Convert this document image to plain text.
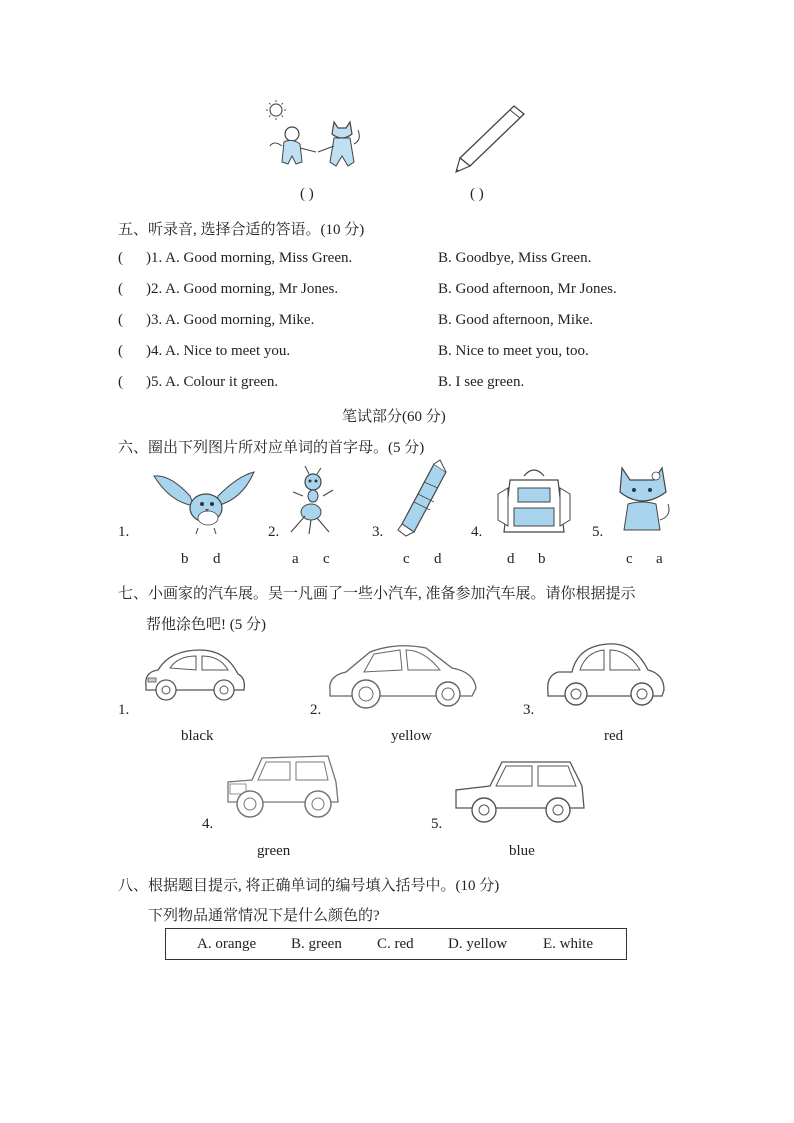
( )	( )
五、听录音, 选择合适的答语。(10 分)
( )1. A. Good morning, Miss Green.	B. Goodbye, Miss Green.
( )2. A. Good morning, Mr Jones.	B. Good afternoon, Mr Jones.
( )3. A. Good morning, Mike.	B. Good afternoon, Mike.
( )4. A. Nice to meet you.	B. Nice to meet you, too.
( )5. A. Colour it green.	B. I see green.
笔试部分(60 分)
六、圈出下列图片所对应单词的首字母。(5 分)
1.
b d
2.
a c
3.
c d
4.
d b
5.
c a
七、小画家的汽车展。吴一凡画了一些小汽车, 准备参加汽车展。请你根据提示
帮他涂色吧! (5 分)
1.
black
2.
yellow
3.
red
4.
green
5.
blue
八、根据题目提示, 将正确单词的编号填入括号中。(10 分)
下列物品通常情况下是什么颜色的?
A. orange B. green C. red D. yellow E. white
